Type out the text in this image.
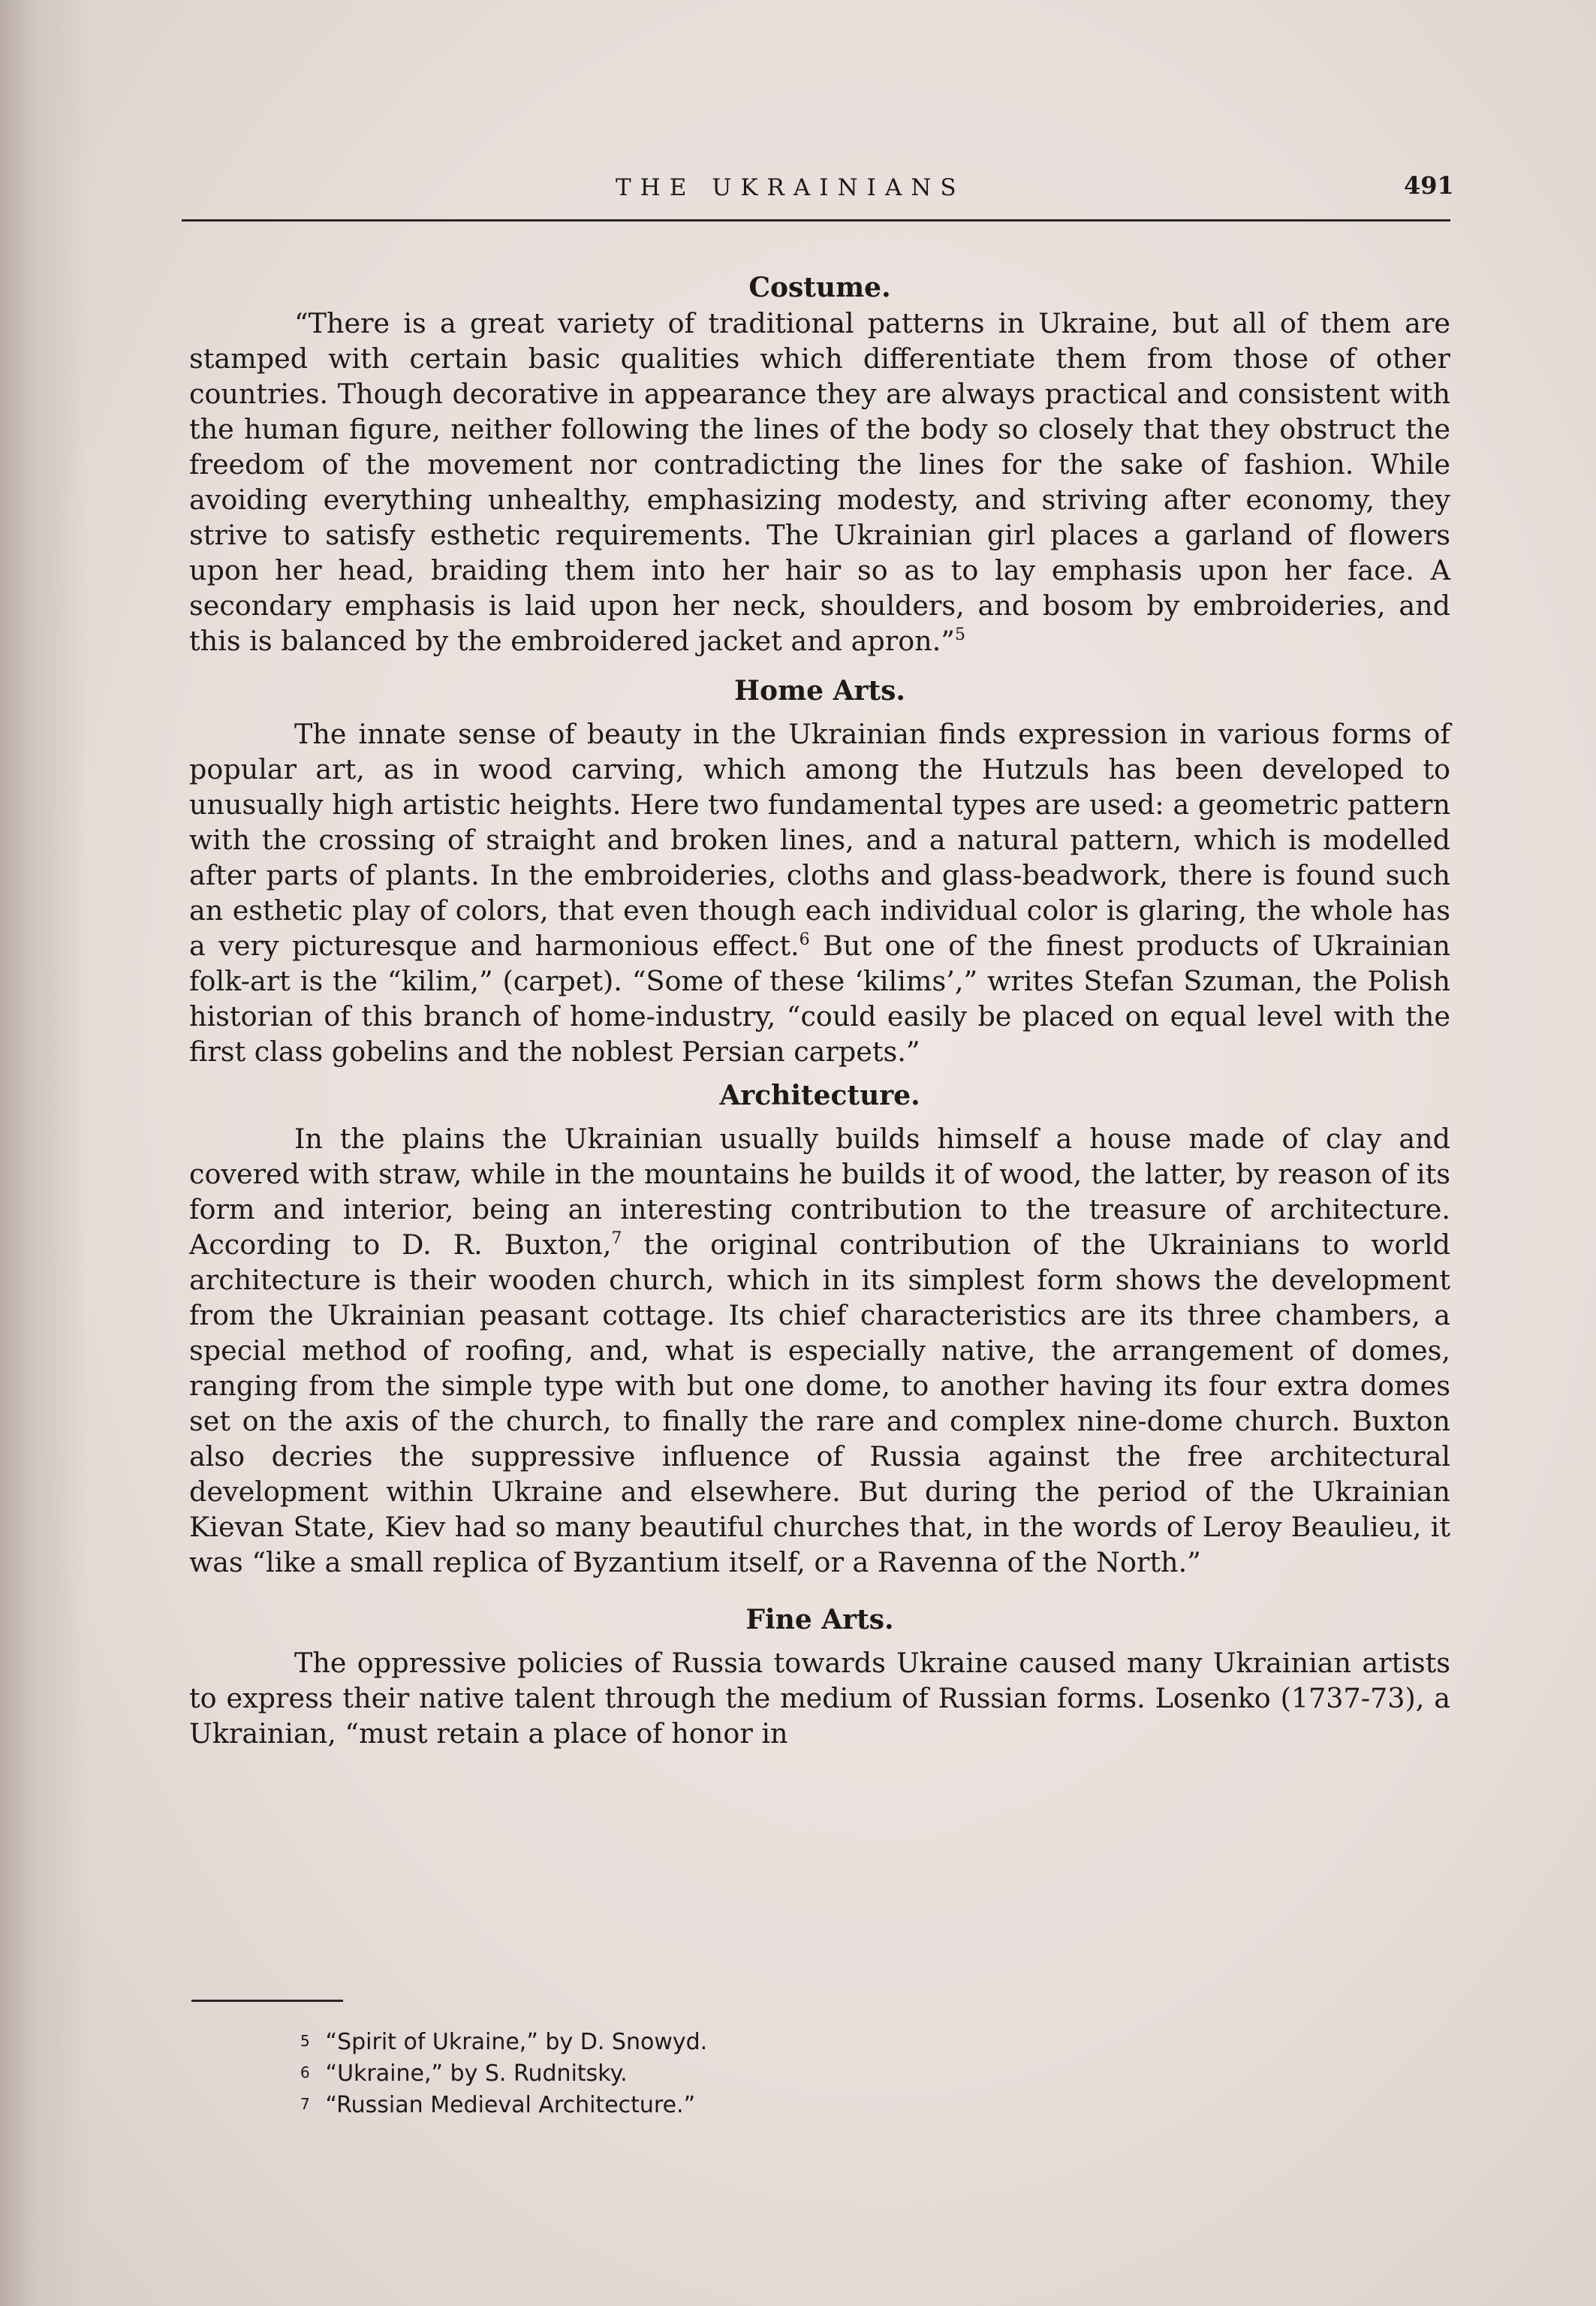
THE UKRAINIANS	491
Costume.

“There is a great variety of traditional patterns in Ukraine, but all of them are stamped with certain basic qualities which differentiate them from those of other countries. Though decorative in appearance they are always practical and consistent with the human figure, neither following the lines of the body so closely that they obstruct the freedom of the movement nor contradicting the lines for the sake of fashion. While avoiding everything unhealthy, emphasizing modesty, and striving after economy, they strive to satisfy esthetic requirements. The Ukrainian girl places a garland of flowers upon her head, braiding them into her hair so as to lay emphasis upon her face. A secondary emphasis is laid upon her neck, shoulders, and bosom by embroideries, and this is balanced by the embroidered jacket and apron.”$^5$

Home Arts.

The innate sense of beauty in the Ukrainian finds expression in various forms of popular art, as in wood carving, which among the Hutzuls has been developed to unusually high artistic heights. Here two fundamental types are used: a geometric pattern with the crossing of straight and broken lines, and a natural pattern, which is modelled after parts of plants. In the embroideries, cloths and glass-beadwork, there is found such an esthetic play of colors, that even though each individual color is glaring, the whole has a very picturesque and harmonious effect.$^6$ But one of the finest products of Ukrainian folk-art is the “kilim,” (carpet). “Some of these ‘kilims’,” writes Stefan Szuman, the Polish historian of this branch of home-industry, “could easily be placed on equal level with the first class gobelins and the noblest Persian carpets.”

Architecture.

In the plains the Ukrainian usually builds himself a house made of clay and covered with straw, while in the mountains he builds it of wood, the latter, by reason of its form and interior, being an interesting contribution to the treasure of architecture. According to D. R. Buxton,$^7$ the original contribution of the Ukrainians to world architecture is their wooden church, which in its simplest form shows the development from the Ukrainian peasant cottage. Its chief characteristics are its three chambers, a special method of roofing, and, what is especially native, the arrangement of domes, ranging from the simple type with but one dome, to another having its four extra domes set on the axis of the church, to finally the rare and complex nine-dome church. Buxton also decries the suppressive influence of Russia against the free architectural development within Ukraine and elsewhere. But during the period of the Ukrainian Kievan State, Kiev had so many beautiful churches that, in the words of Leroy Beaulieu, it was “like a small replica of Byzantium itself, or a Ravenna of the North.”

Fine Arts.

The oppressive policies of Russia towards Ukraine caused many Ukrainian artists to express their native talent through the medium of Russian forms. Losenko (1737-73), a Ukrainian, “must retain a place of honor in

5 “Spirit of Ukraine,” by D. Snowyd.
6 “Ukraine,” by S. Rudnitsky.
7 “Russian Medieval Architecture.”
